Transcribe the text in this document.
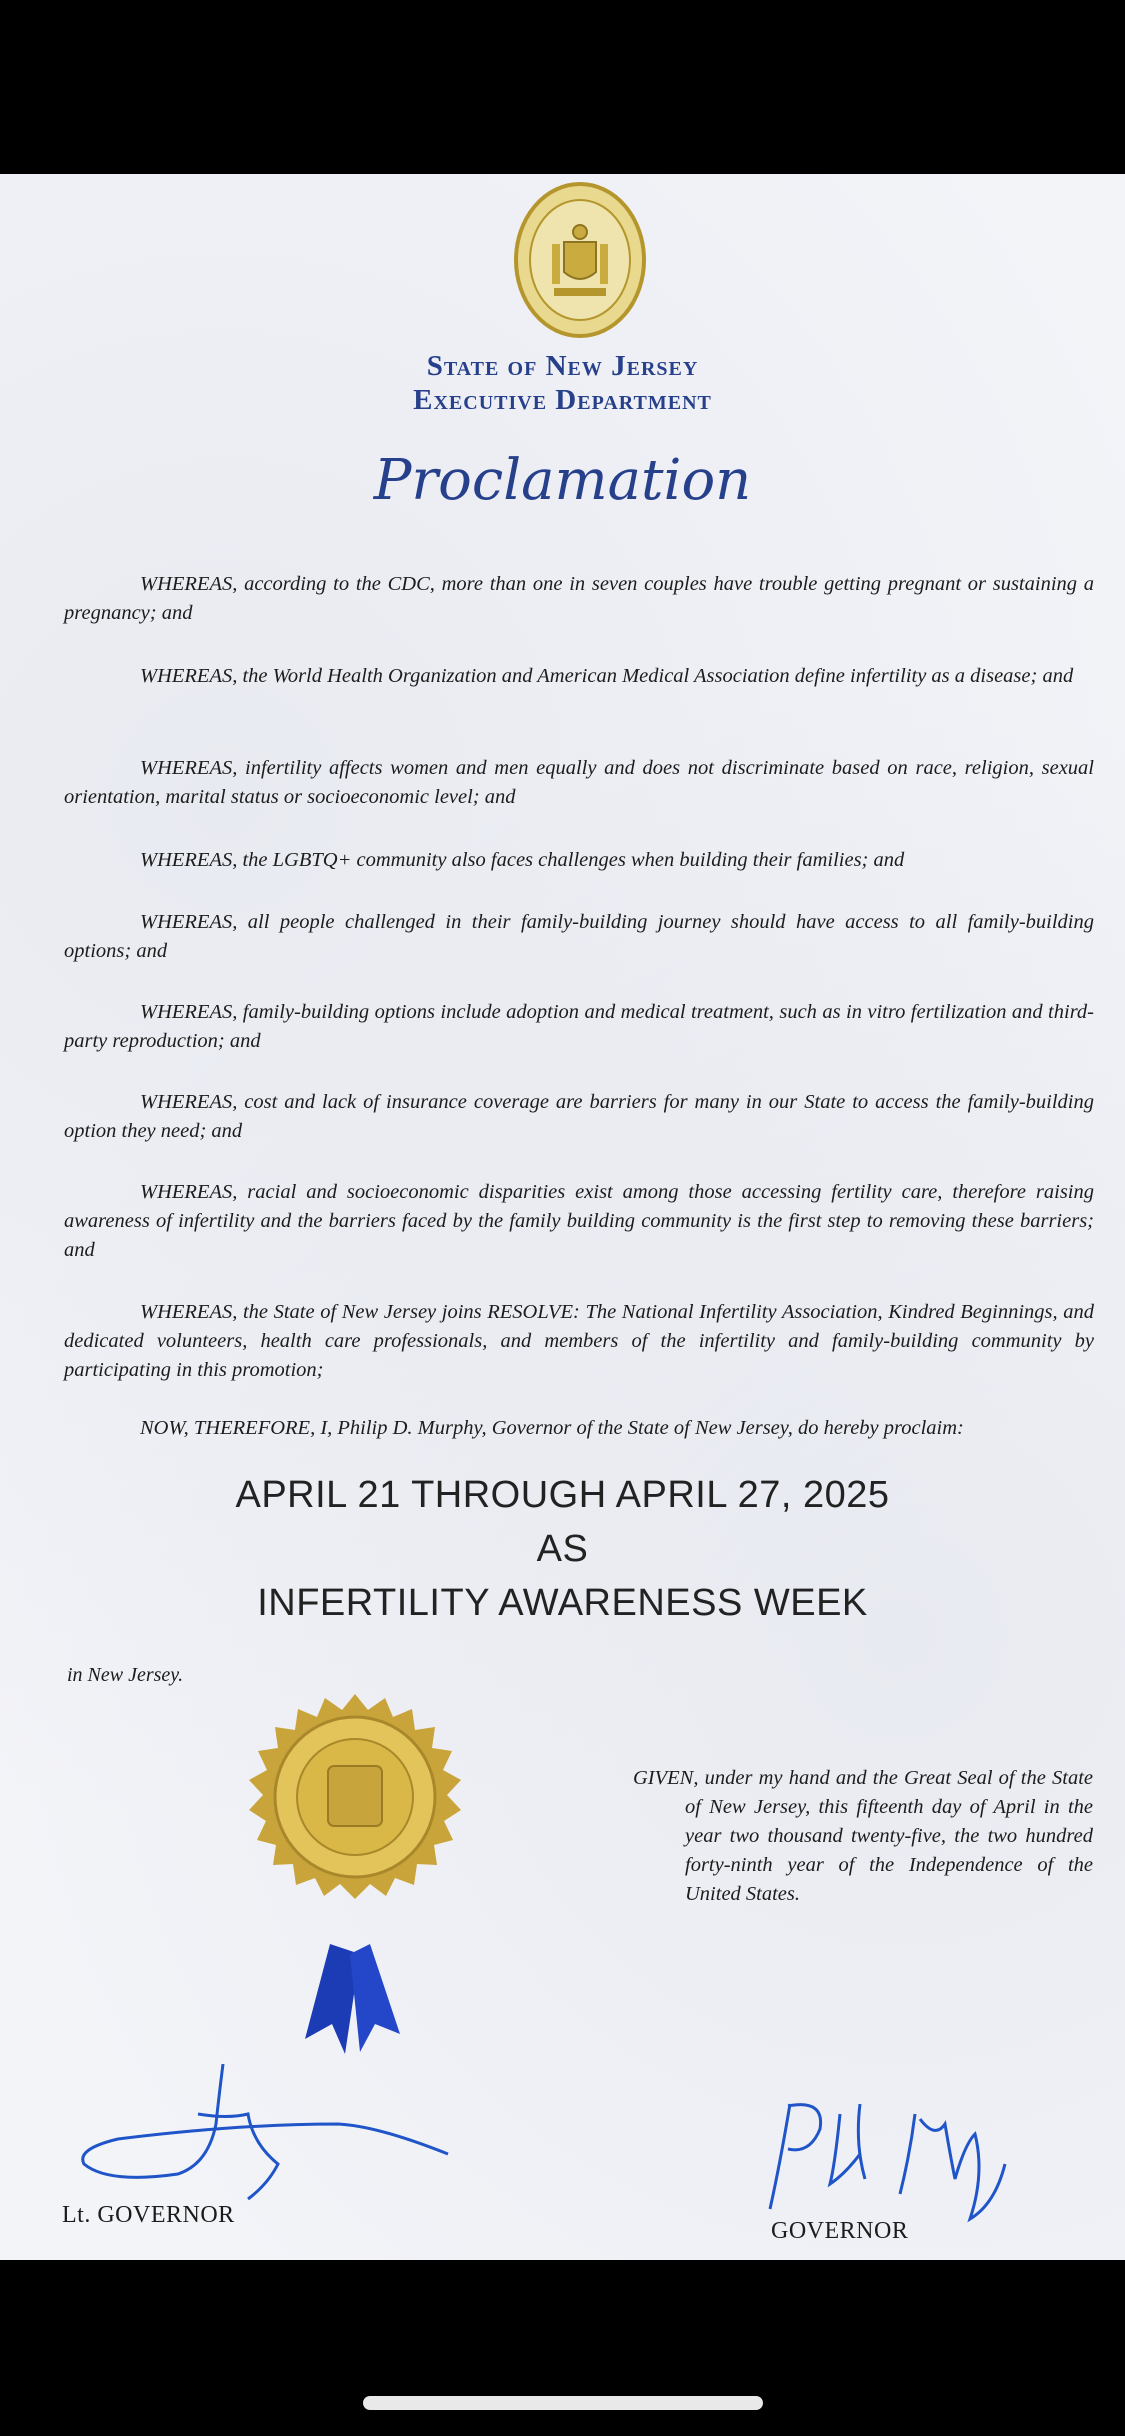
State of New Jersey
Executive Department
Proclamation

WHEREAS, according to the CDC, more than one in seven couples have trouble getting pregnant or sustaining a pregnancy; and

WHEREAS, the World Health Organization and American Medical Association define infertility as a disease; and

WHEREAS, infertility affects women and men equally and does not discriminate based on race, religion, sexual orientation, marital status or socioeconomic level; and

WHEREAS, the LGBTQ+ community also faces challenges when building their families; and

WHEREAS, all people challenged in their family-building journey should have access to all family-building options; and

WHEREAS, family-building options include adoption and medical treatment, such as in vitro fertilization and third-party reproduction; and

WHEREAS, cost and lack of insurance coverage are barriers for many in our State to access the family-building option they need; and

WHEREAS, racial and socioeconomic disparities exist among those accessing fertility care, therefore raising awareness of infertility and the barriers faced by the family building community is the first step to removing these barriers; and

WHEREAS, the State of New Jersey joins RESOLVE: The National Infertility Association, Kindred Beginnings, and dedicated volunteers, health care professionals, and members of the infertility and family-building community by participating in this promotion;

NOW, THEREFORE, I, Philip D. Murphy, Governor of the State of New Jersey, do hereby proclaim:

APRIL 21 THROUGH APRIL 27, 2025
AS
INFERTILITY AWARENESS WEEK
in New Jersey.

GIVEN, under my hand and the Great Seal of the State of New Jersey, this fifteenth day of April in the year two thousand twenty-five, the two hundred forty-ninth year of the Independence of the United States.

Lt. GOVERNOR
GOVERNOR
